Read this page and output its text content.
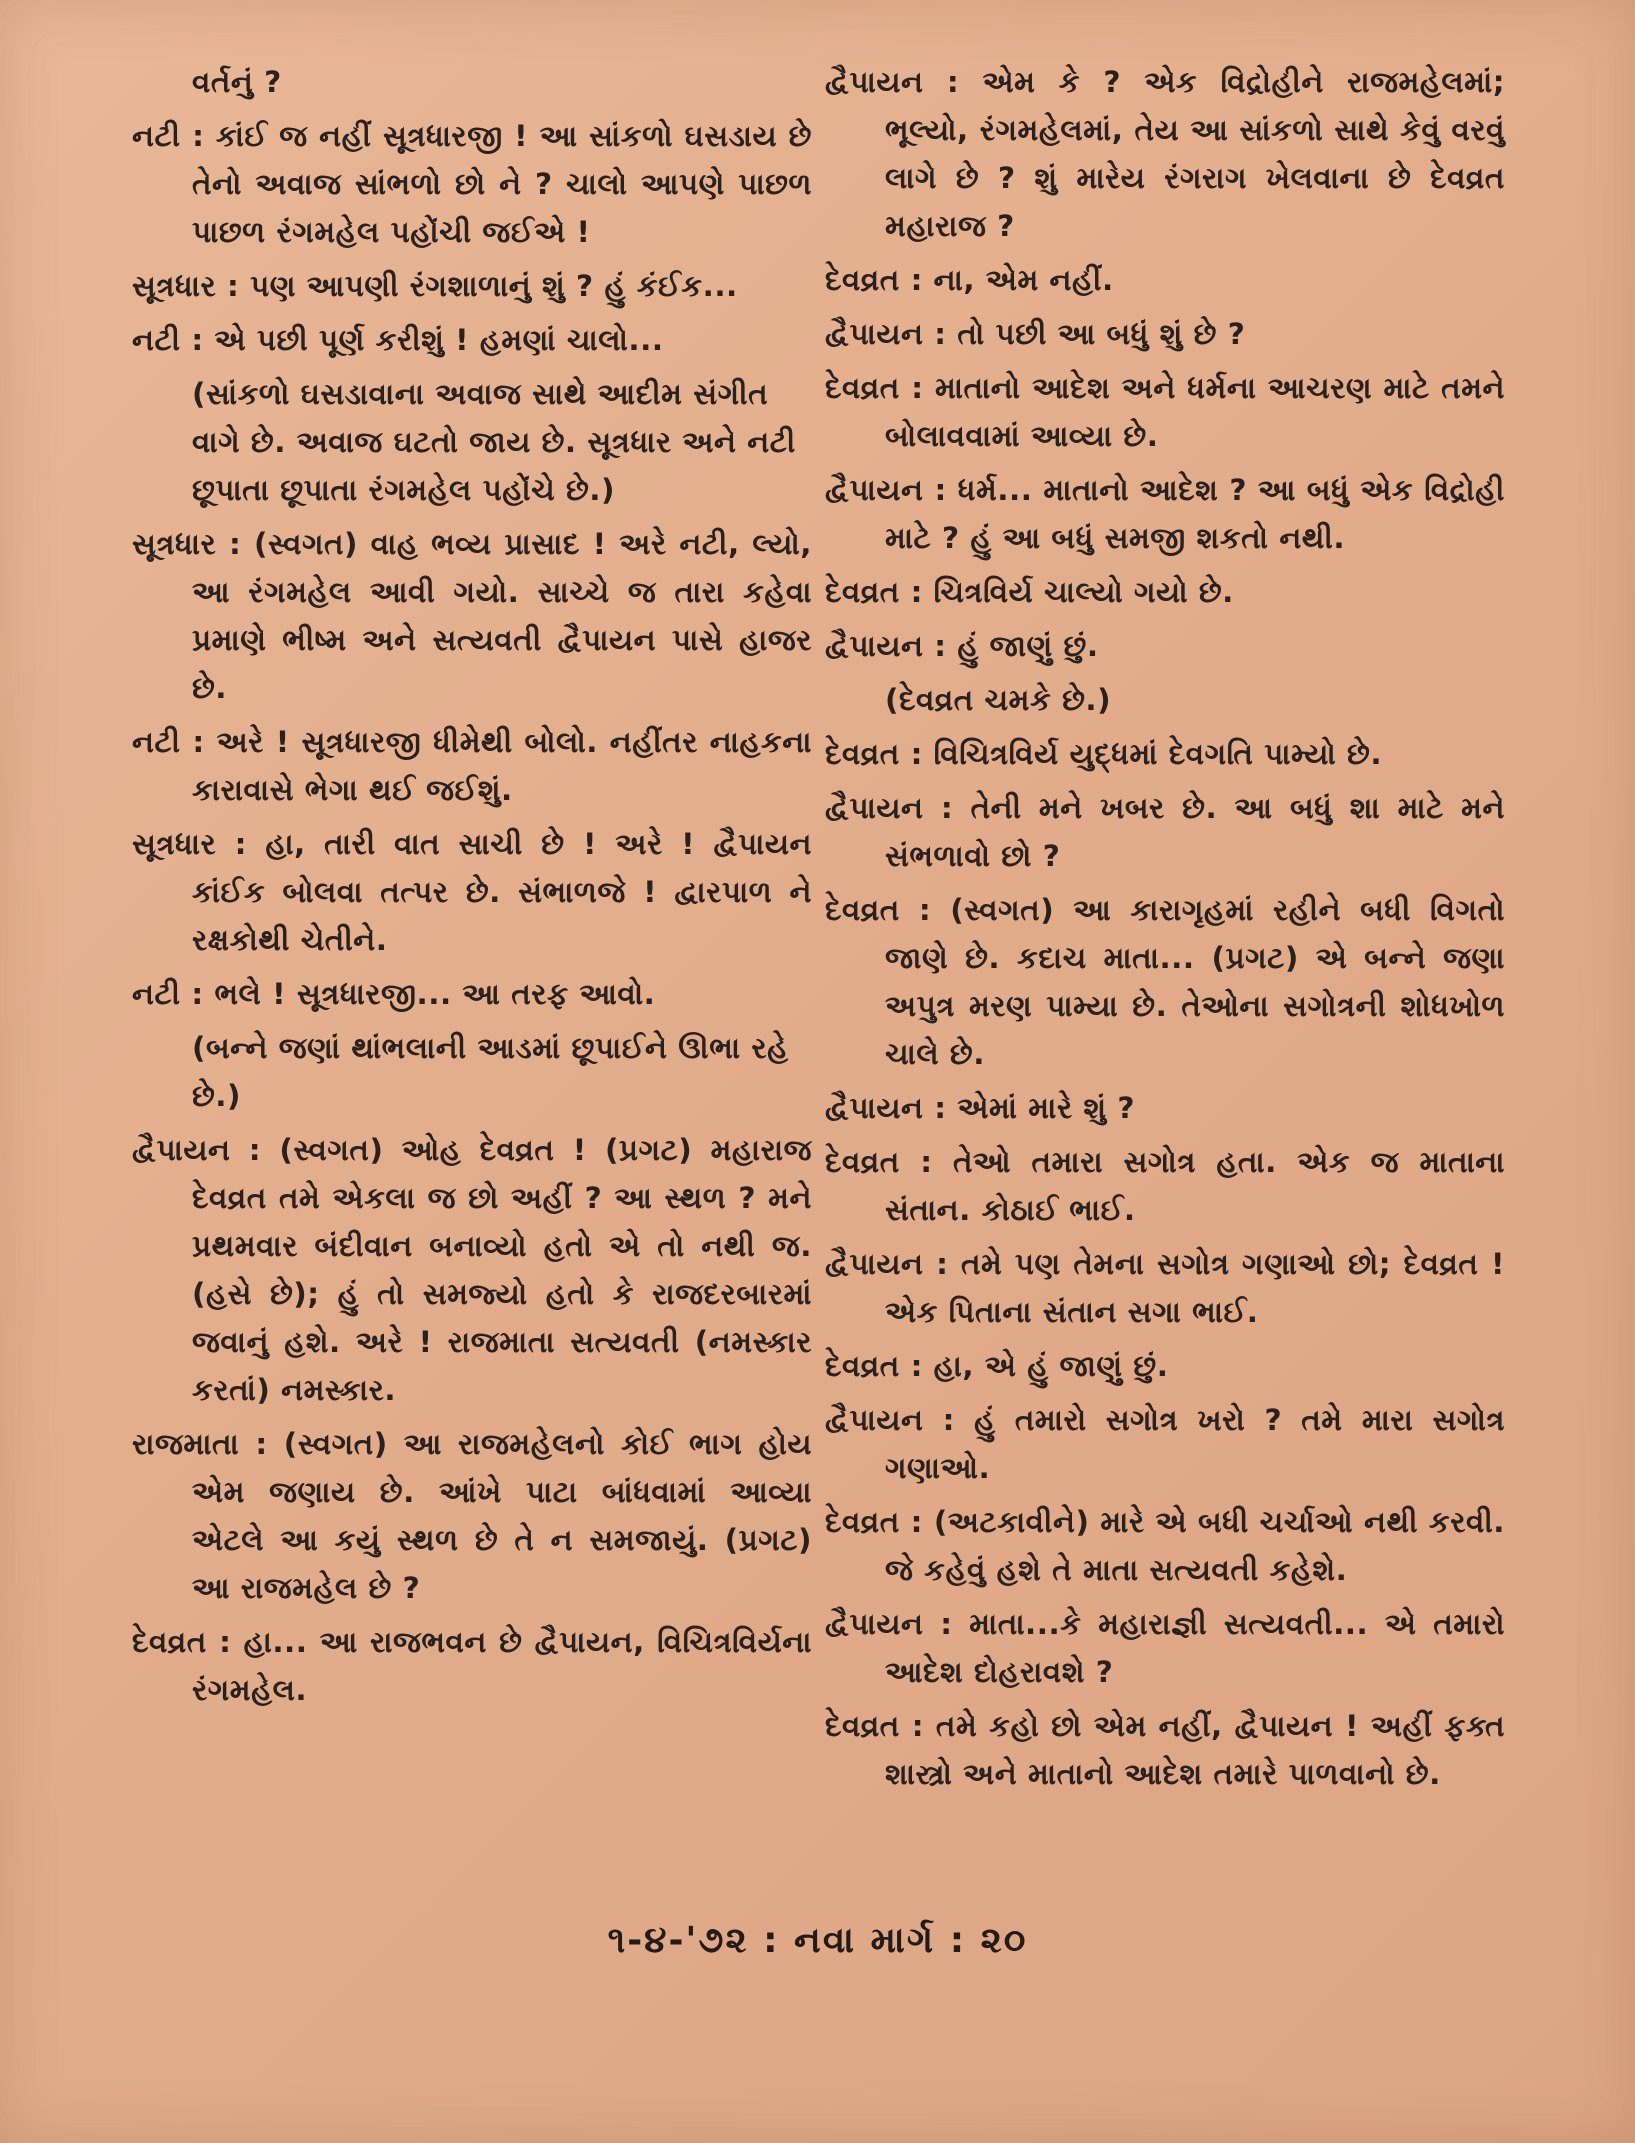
વર્તનું ?
નટી : કાંઈ જ નહીં સૂત્રધારજી ! આ સાંકળો ઘસડાય છે તેનો અવાજ સાંભળો છો ને ? ચાલો આપણે પાછળ પાછળ રંગમહેલ પહોંચી જઈએ !
સૂત્રધાર : પણ આપણી રંગશાળાનું શું ? હું કંઈક...
નટી : એ પછી પૂર્ણ કરીશું ! હમણાં ચાલો...
(સાંકળો ઘસડાવાના અવાજ સાથે આદીમ સંગીત વાગે છે. અવાજ ઘટતો જાય છે. સૂત્રધાર અને નટી છૂપાતા છૂપાતા રંગમહેલ પહોંચે છે.)
સૂત્રધાર : (સ્વગત) વાહ ભવ્ય પ્રાસાદ ! અરે નટી, લ્યો, આ રંગમહેલ આવી ગયો. સાચ્ચે જ તારા કહેવા પ્રમાણે ભીષ્મ અને સત્યવતી દ્વૈપાયન પાસે હાજર છે.
નટી : અરે ! સૂત્રધારજી ધીમેથી બોલો. નહીંતર નાહકના કારાવાસે ભેગા થઈ જઈશું.
સૂત્રધાર : હા, તારી વાત સાચી છે ! અરે ! દ્વૈપાયન કાંઈક બોલવા તત્પર છે. સંભાળજે ! દ્વારપાળ ને રક્ષકોથી ચેતીને.
નટી : ભલે ! સૂત્રધારજી... આ તરફ આવો.
(બન્ને જણાં થાંભલાની આડમાં છૂપાઈને ઊભા રહે છે.)
દ્વૈપાયન : (સ્વગત) ઓહ દેવવ્રત ! (પ્રગટ) મહારાજ દેવવ્રત તમે એકલા જ છો અહીં ? આ સ્થળ ? મને પ્રથમવાર બંદીવાન બનાવ્યો હતો એ તો નથી જ. (હસે છે); હું તો સમજ્યો હતો કે રાજદરબારમાં જવાનું હશે. અરે ! રાજમાતા સત્યવતી (નમસ્કાર કરતાં) નમસ્કાર.
રાજમાતા : (સ્વગત) આ રાજમહેલનો કોઈ ભાગ હોય એમ જણાય છે. આંખે પાટા બાંધવામાં આવ્યા એટલે આ કયું સ્થળ છે તે ન સમજાયું. (પ્રગટ) આ રાજમહેલ છે ?
દેવવ્રત : હા... આ રાજભવન છે દ્વૈપાયન, વિચિત્રવિર્યના રંગમહેલ.
દ્વૈપાયન : એમ કે ? એક વિદ્રોહીને રાજમહેલમાં; ભૂલ્યો, રંગમહેલમાં, તેય આ સાંકળો સાથે કેવું વરવું લાગે છે ? શું મારેય રંગરાગ ખેલવાના છે દેવવ્રત મહારાજ ?
દેવવ્રત : ના, એમ નહીં.
દ્વૈપાયન : તો પછી આ બધું શું છે ?
દેવવ્રત : માતાનો આદેશ અને ધર્મના આચરણ માટે તમને બોલાવવામાં આવ્યા છે.
દ્વૈપાયન : ધર્મ... માતાનો આદેશ ? આ બધું એક વિદ્રોહી માટે ? હું આ બધું સમજી શકતો નથી.
દેવવ્રત : ચિત્રવિર્ય ચાલ્યો ગયો છે.
દ્વૈપાયન : હું જાણું છું.
(દેવવ્રત ચમકે છે.)
દેવવ્રત : વિચિત્રવિર્ય યુદ્ધમાં દેવગતિ પામ્યો છે.
દ્વૈપાયન : તેની મને ખબર છે. આ બધું શા માટે મને સંભળાવો છો ?
દેવવ્રત : (સ્વગત) આ કારાગૃહમાં રહીને બધી વિગતો જાણે છે. કદાચ માતા... (પ્રગટ) એ બન્ને જણા અપુત્ર મરણ પામ્યા છે. તેઓના સગોત્રની શોધખોળ ચાલે છે.
દ્વૈપાયન : એમાં મારે શું ?
દેવવ્રત : તેઓ તમારા સગોત્ર હતા. એક જ માતાના સંતાન. કોઠાઈ ભાઈ.
દ્વૈપાયન : તમે પણ તેમના સગોત્ર ગણાઓ છો; દેવવ્રત ! એક પિતાના સંતાન સગા ભાઈ.
દેવવ્રત : હા, એ હું જાણું છું.
દ્વૈપાયન : હું તમારો સગોત્ર ખરો ? તમે મારા સગોત્ર ગણાઓ.
દેવવ્રત : (અટકાવીને) મારે એ બધી ચર્ચાઓ નથી કરવી. જે કહેવું હશે તે માતા સત્યવતી કહેશે.
દ્વૈપાયન : માતા...કે મહારાજ્ઞી સત્યવતી... એ તમારો આદેશ દોહરાવશે ?
દેવવ્રત : તમે કહો છો એમ નહીં, દ્વૈપાયન ! અહીં ફક્ત શાસ્ત્રો અને માતાનો આદેશ તમારે પાળવાનો છે.
૧-૪-'૭૨ : નવા માર્ગ : ૨૦
